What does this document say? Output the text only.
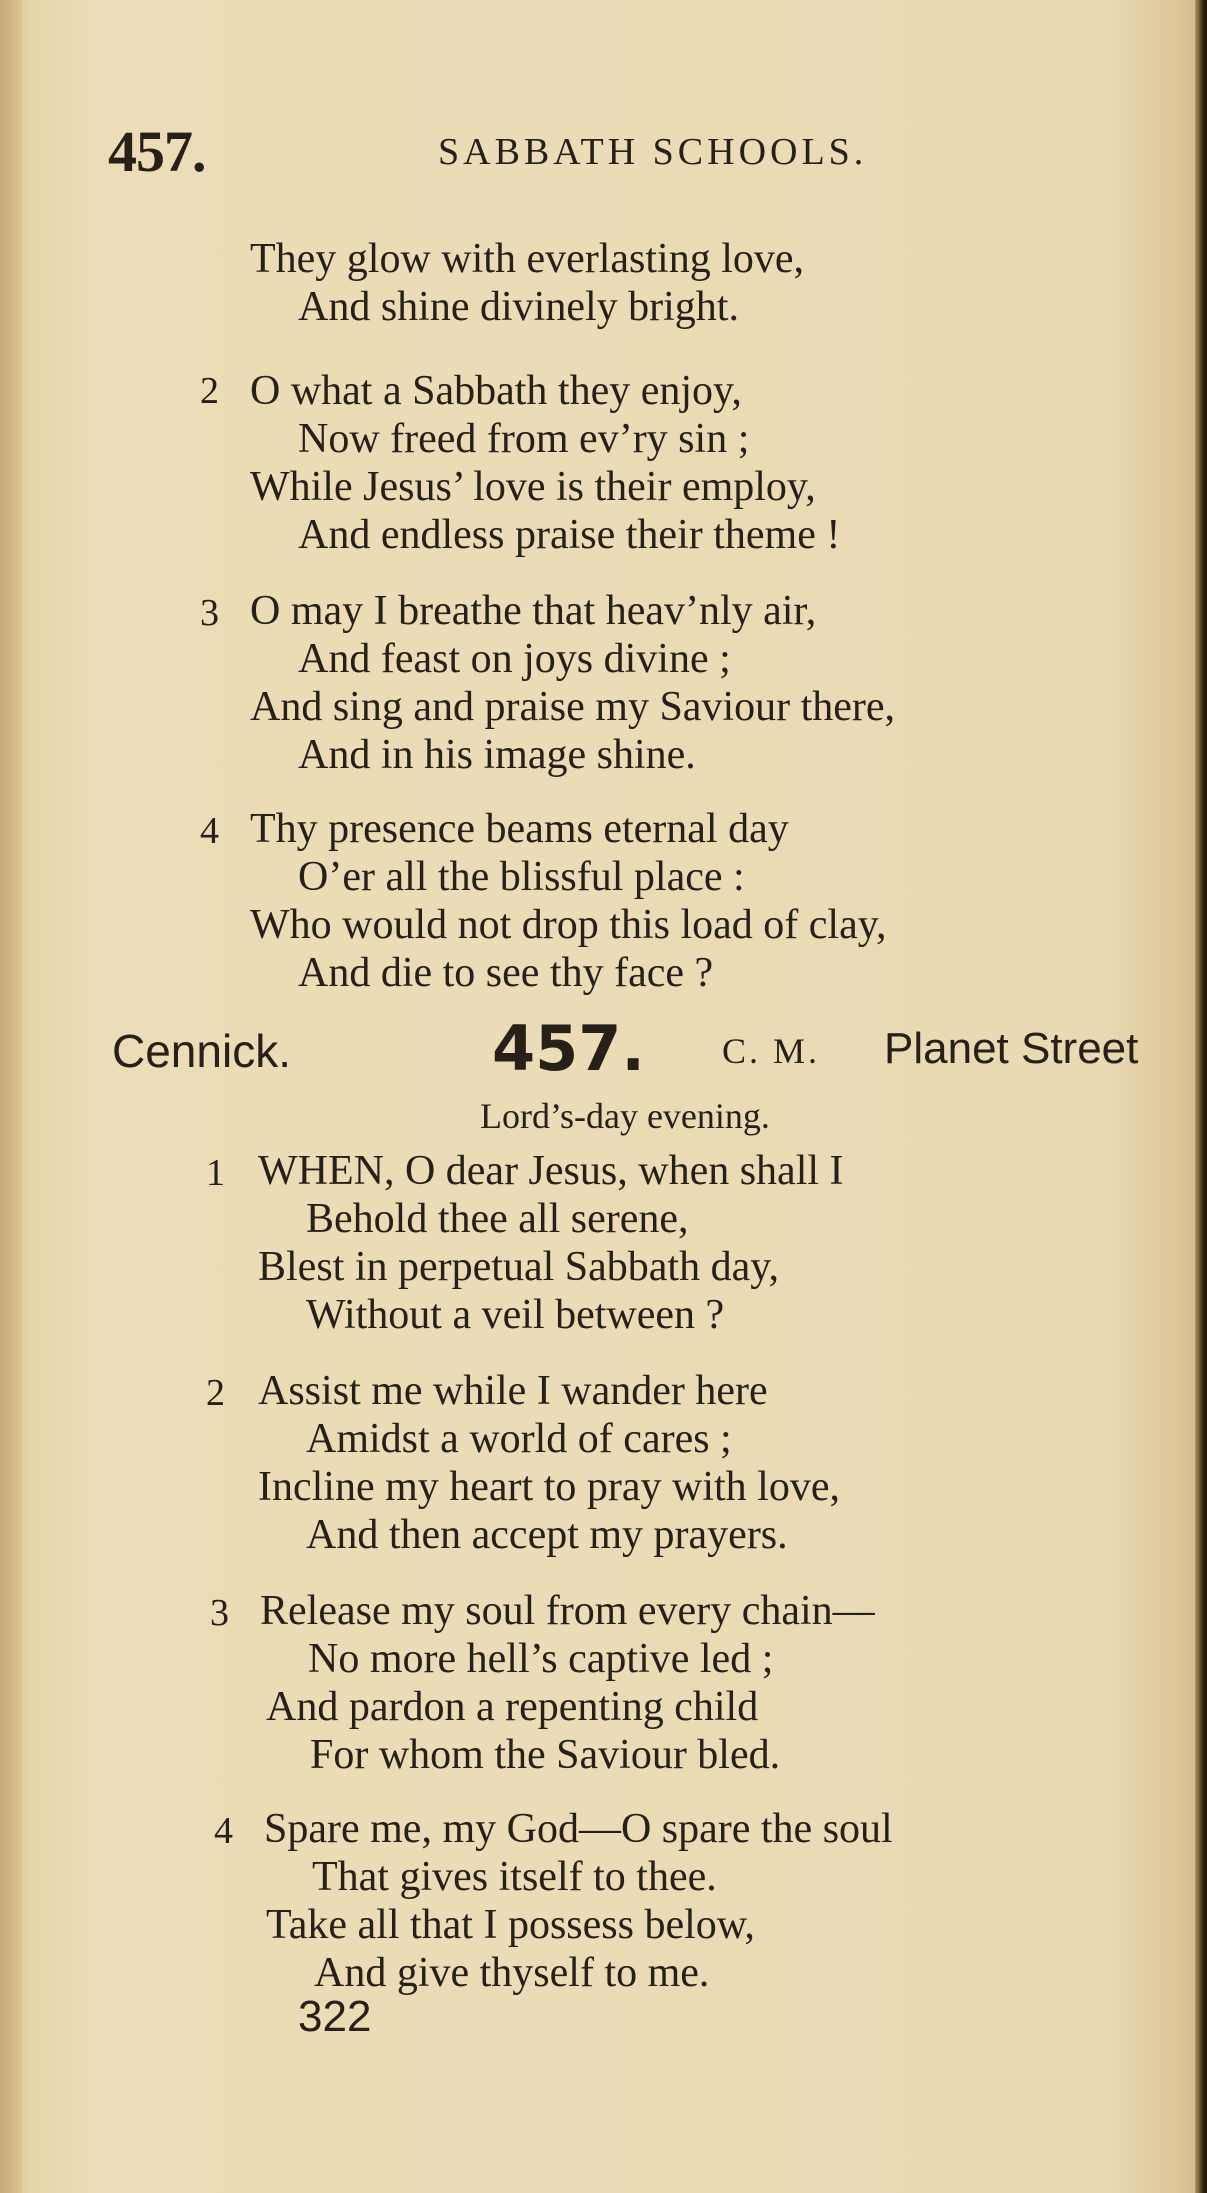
457.	SABBATH SCHOOLS.
They glow with everlasting love,
And shine divinely bright.
2 O what a Sabbath they enjoy,
Now freed from ev’ry sin ;
While Jesus’ love is their employ,
And endless praise their theme !
3 O may I breathe that heav’nly air,
And feast on joys divine ;
And sing and praise my Saviour there,
And in his image shine.
4 Thy presence beams eternal day
O’er all the blissful place :
Who would not drop this load of clay,
And die to see thy face ?
Cennick.	457. C. M. Planet Street
Lord’s-day evening.
1 WHEN, O dear Jesus, when shall I
Behold thee all serene,
Blest in perpetual Sabbath day,
Without a veil between ?
2 Assist me while I wander here
Amidst a world of cares ;
Incline my heart to pray with love,
And then accept my prayers.
3 Release my soul from every chain—
No more hell’s captive led ;
And pardon a repenting child
For whom the Saviour bled.
4 Spare me, my God—O spare the soul
That gives itself to thee.
Take all that I possess below,
And give thyself to me.
322
